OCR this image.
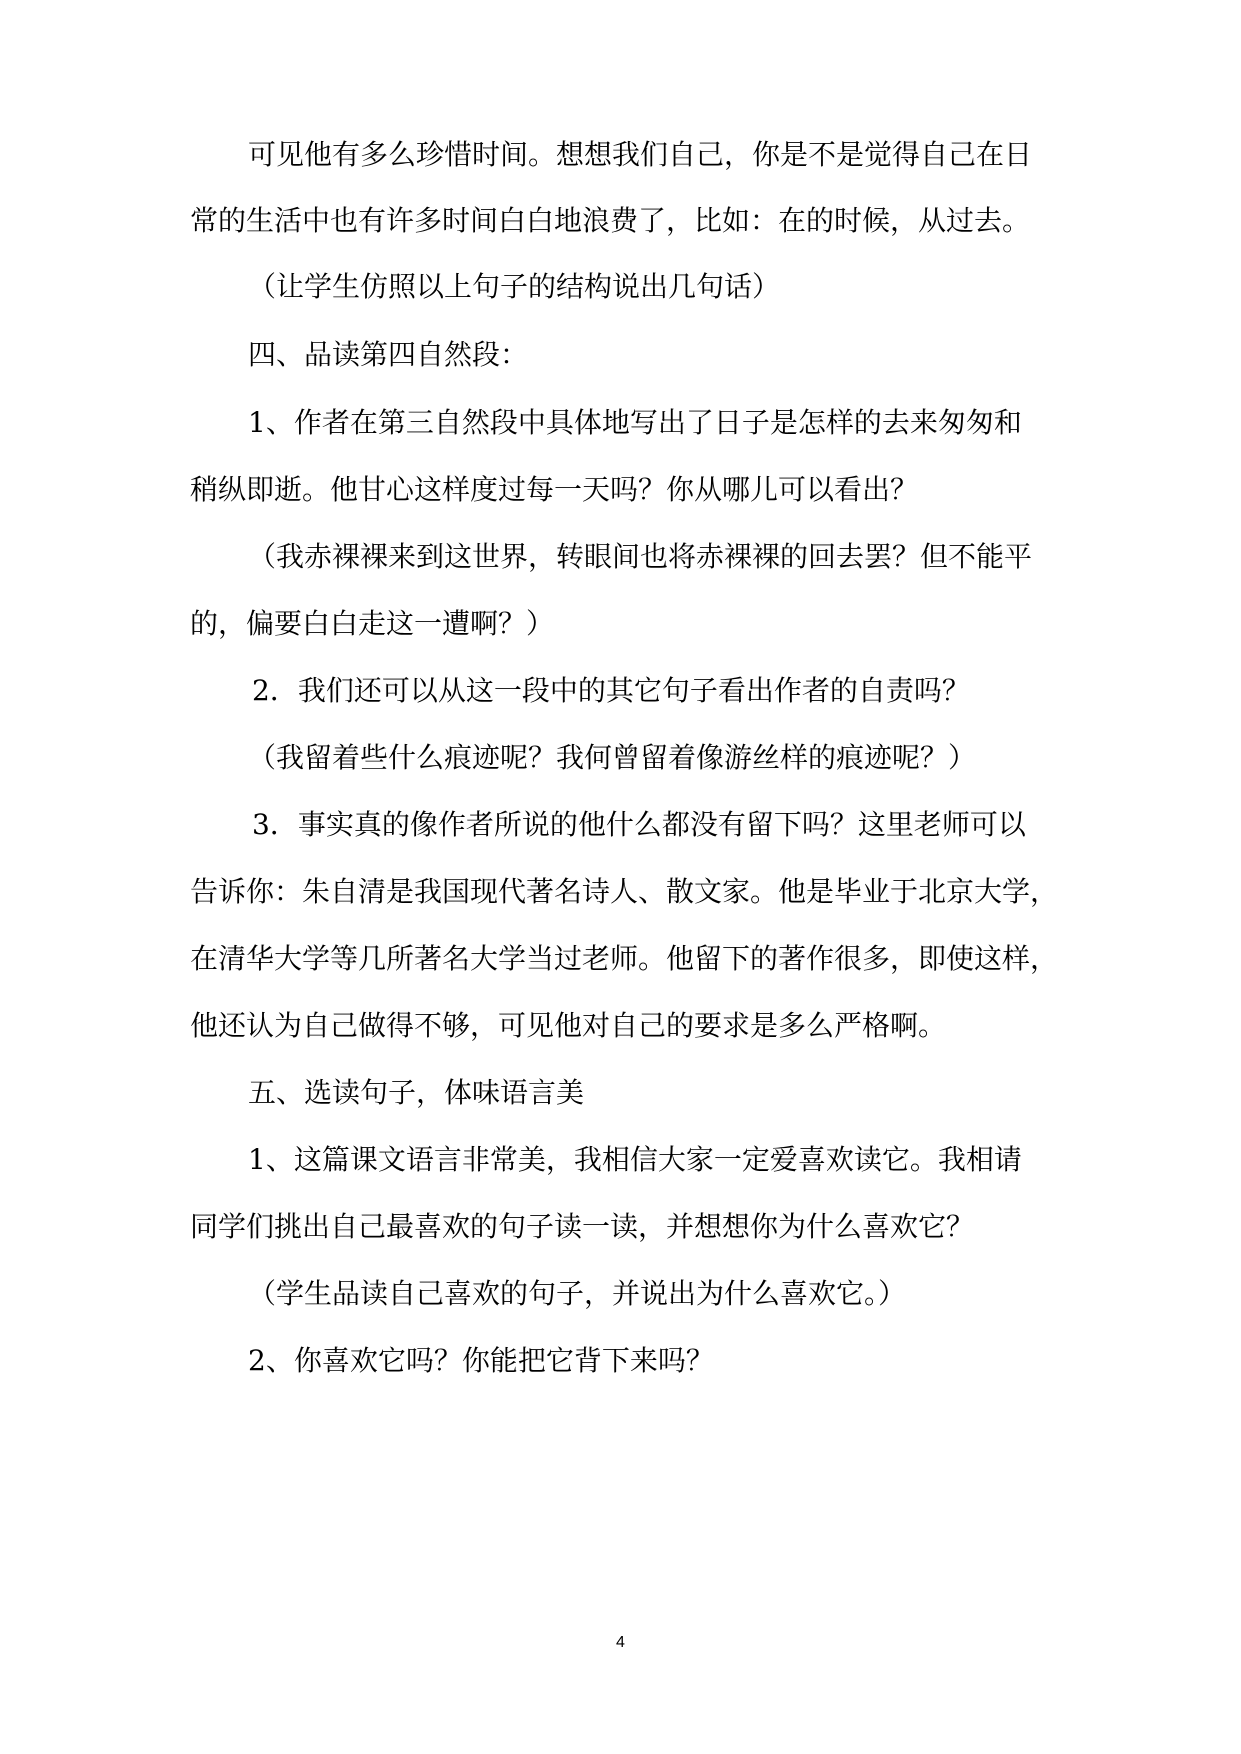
可见他有多么珍惜时间。想想我们自己，你是不是觉得自己在日
常的生活中也有许多时间白白地浪费了，比如：在的时候，从过去。
（让学生仿照以上句子的结构说出几句话）
四、品读第四自然段：
1、作者在第三自然段中具体地写出了日子是怎样的去来匆匆和
稍纵即逝。他甘心这样度过每一天吗？你从哪儿可以看出？
（我赤裸裸来到这世界，转眼间也将赤裸裸的回去罢？但不能平
的，偏要白白走这一遭啊？）
2．我们还可以从这一段中的其它句子看出作者的自责吗？
（我留着些什么痕迹呢？我何曾留着像游丝样的痕迹呢？）
3．事实真的像作者所说的他什么都没有留下吗？这里老师可以
告诉你：朱自清是我国现代著名诗人、散文家。他是毕业于北京大学，
在清华大学等几所著名大学当过老师。他留下的著作很多，即使这样，
他还认为自己做得不够，可见他对自己的要求是多么严格啊。
五、选读句子，体味语言美
1、这篇课文语言非常美，我相信大家一定爱喜欢读它。我相请
同学们挑出自己最喜欢的句子读一读，并想想你为什么喜欢它？
（学生品读自己喜欢的句子，并说出为什么喜欢它。）
2、你喜欢它吗？你能把它背下来吗？
4
